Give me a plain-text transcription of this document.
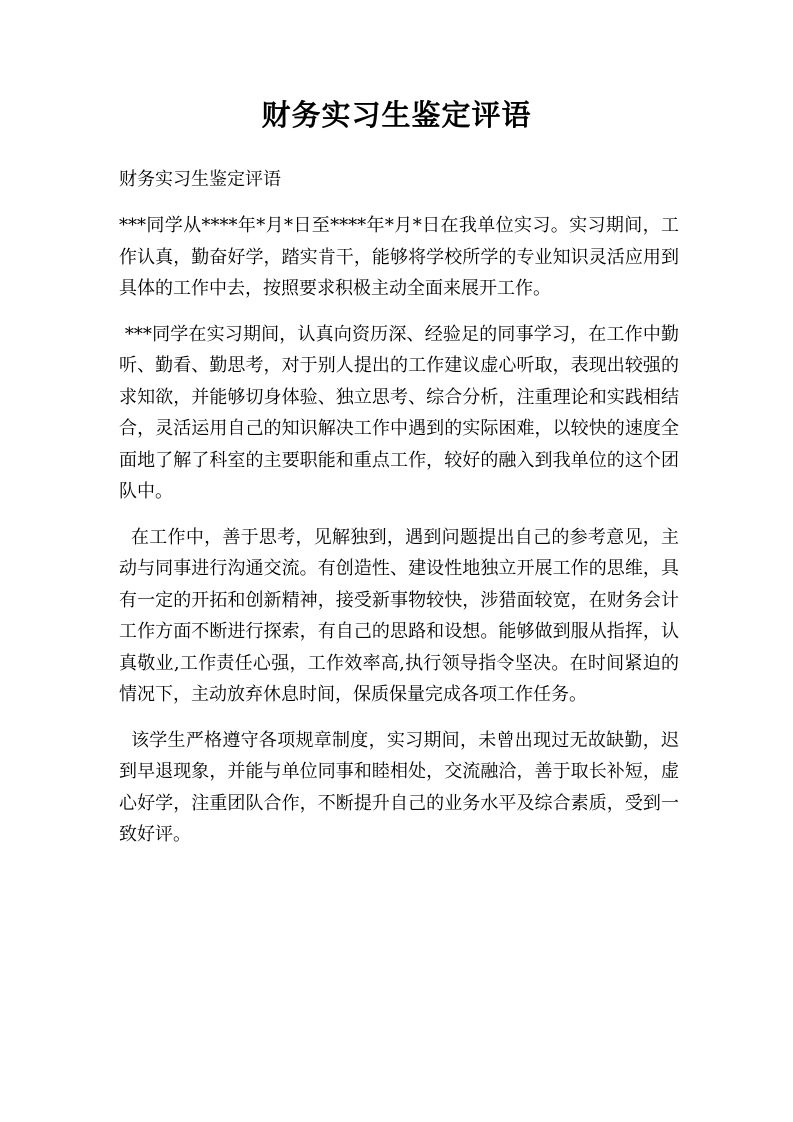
财务实习生鉴定评语
财务实习生鉴定评语
***同学从****年*月*日至****年*月*日在我单位实习。实习期间，工作认真，勤奋好学，踏实肯干，能够将学校所学的专业知识灵活应用到具体的工作中去，按照要求积极主动全面来展开工作。
***同学在实习期间，认真向资历深、经验足的同事学习，在工作中勤听、勤看、勤思考，对于别人提出的工作建议虚心听取，表现出较强的求知欲，并能够切身体验、独立思考、综合分析，注重理论和实践相结合，灵活运用自己的知识解决工作中遇到的实际困难，以较快的速度全面地了解了科室的主要职能和重点工作，较好的融入到我单位的这个团队中。
在工作中，善于思考，见解独到，遇到问题提出自己的参考意见，主动与同事进行沟通交流。有创造性、建设性地独立开展工作的思维，具有一定的开拓和创新精神，接受新事物较快，涉猎面较宽，在财务会计工作方面不断进行探索，有自己的思路和设想。能够做到服从指挥，认真敬业,工作责任心强，工作效率高,执行领导指令坚决。在时间紧迫的情况下，主动放弃休息时间，保质保量完成各项工作任务。
该学生严格遵守各项规章制度，实习期间，未曾出现过无故缺勤，迟到早退现象，并能与单位同事和睦相处，交流融洽，善于取长补短，虚心好学，注重团队合作，不断提升自己的业务水平及综合素质，受到一致好评。
